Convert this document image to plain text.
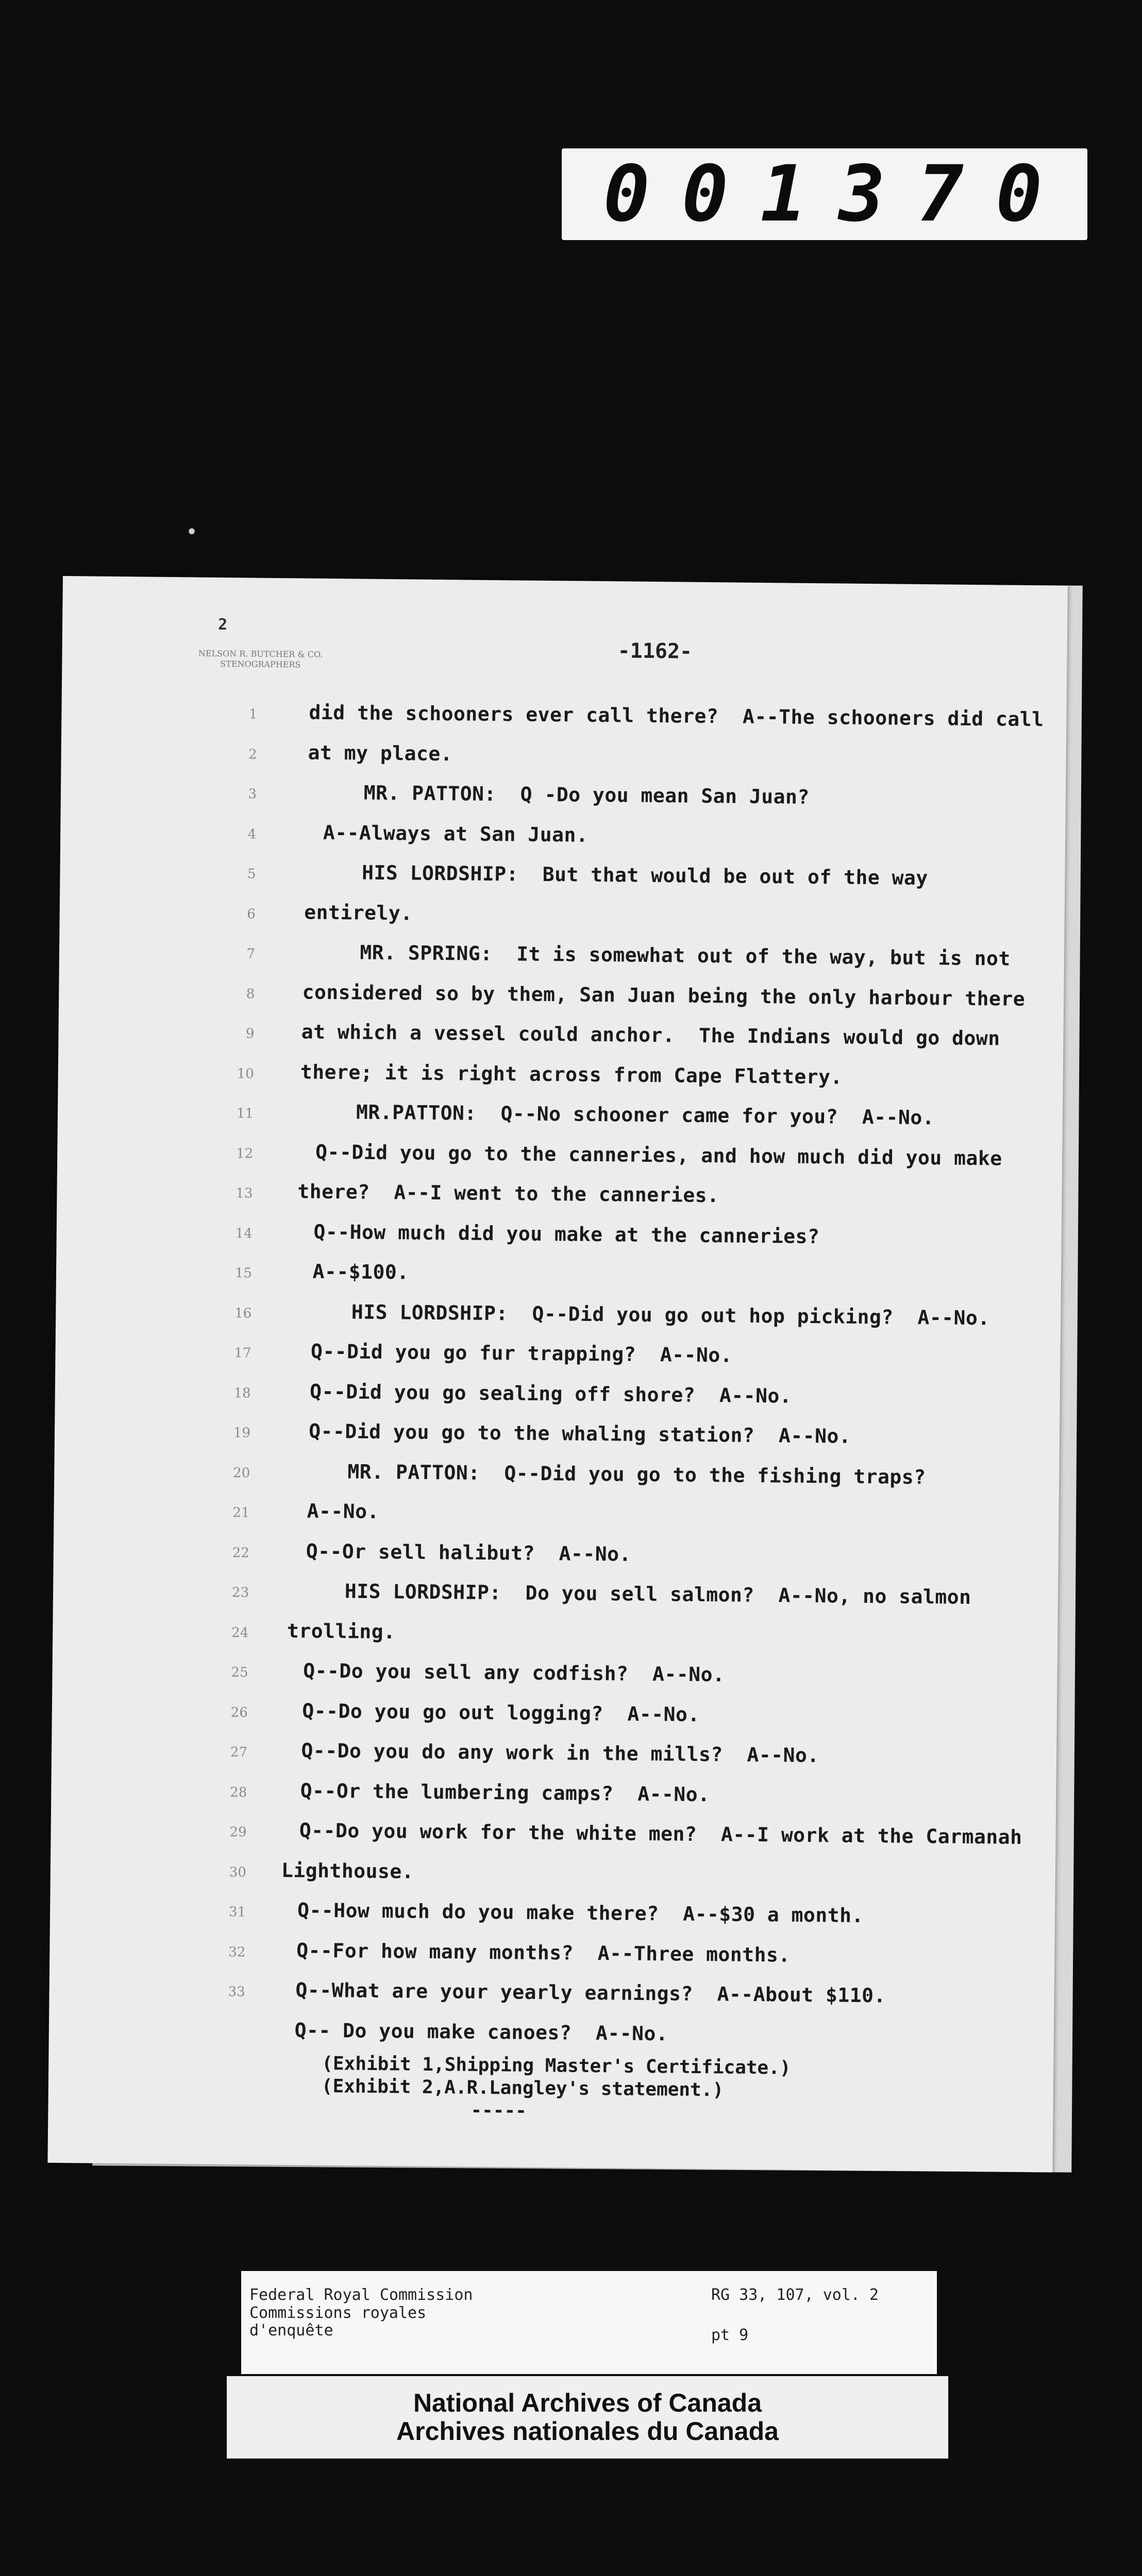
001370
2
NELSON R. BUTCHER & CO.
STENOGRAPHERS
-1162-
1	did the schooners ever call there?  A--The schooners did call
2	at my place.
3	MR. PATTON:  Q -Do you mean San Juan?
4	A--Always at San Juan.
5	HIS LORDSHIP:  But that would be out of the way
6 entirely.
7	MR. SPRING:  It is somewhat out of the way, but is not
8 considered so by them, San Juan being the only harbour there
9 at which a vessel could anchor.  The Indians would go down
10 there; it is right across from Cape Flattery.
11	MR.PATTON:  Q--No schooner came for you?  A--No.
12	Q--Did you go to the canneries, and how much did you make
13 there?  A--I went to the canneries.
14	Q--How much did you make at the canneries?
15	A--$100.
16	HIS LORDSHIP:  Q--Did you go out hop picking?  A--No.
17	Q--Did you go fur trapping?  A--No.
18	Q--Did you go sealing off shore?  A--No.
19	Q--Did you go to the whaling station?  A--No.
20	MR. PATTON:  Q--Did you go to the fishing traps?
21	A--No.
22	Q--Or sell halibut?  A--No.
23	HIS LORDSHIP:  Do you sell salmon?  A--No, no salmon
24 trolling.
25	Q--Do you sell any codfish?  A--No.
26	Q--Do you go out logging?  A--No.
27	Q--Do you do any work in the mills?  A--No.
28	Q--Or the lumbering camps?  A--No.
29	Q--Do you work for the white men?  A--I work at the Carmanah
30 Lighthouse.
31	Q--How much do you make there?  A--$30 a month.
32	Q--For how many months?  A--Three months.
33	Q--What are your yearly earnings?  A--About $110.
Q-- Do you make canoes?  A--No.
(Exhibit 1,Shipping Master's Certificate.)
(Exhibit 2,A.R.Langley's statement.)
-----
•
Federal Royal Commission
Commissions royales
d'enquête
RG 33, 107, vol. 2
pt 9
National Archives of Canada
Archives nationales du Canada
